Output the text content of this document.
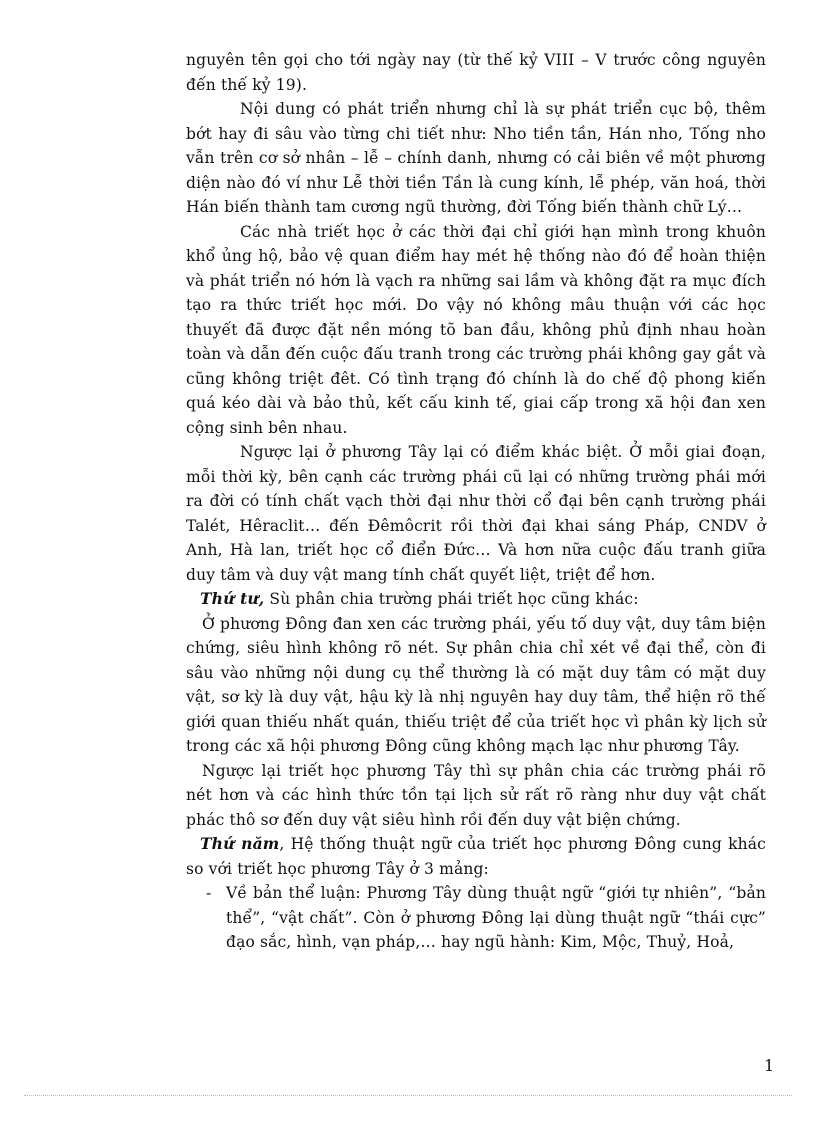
nguyên tên gọi cho tới ngày nay (từ thế kỷ VIII – V trước công nguyên đến thế kỷ 19).

Nội dung có phát triển nhưng chỉ là sự phát triển cục bộ, thêm bớt hay đi sâu vào từng chi tiết như: Nho tiền tần, Hán nho, Tống nho vẫn trên cơ sở nhân – lễ – chính danh, nhưng có cải biên về một phương diện nào đó ví như Lễ thời tiền Tần là cung kính, lễ phép, văn hoá, thời Hán biến thành tam cương ngũ thường, đời Tống biến thành chữ Lý…

Các nhà triết học ở các thời đại chỉ giới hạn mình trong khuôn khổ ủng hộ, bảo vệ quan điểm hay mét hệ thống nào đó để hoàn thiện và phát triển nó hớn là vạch ra những sai lầm và không đặt ra mục đích tạo ra thức triết học mới. Do vậy nó không mâu thuận với các học thuyết đã được đặt nền móng tõ ban đầu, không phủ định nhau hoàn toàn và dẫn đến cuộc đấu tranh trong các trường phái không gay gắt và cũng không triệt đêt. Có tình trạng đó chính là do chế độ phong kiến quá kéo dài và bảo thủ, kết cấu kinh tế, giai cấp trong xã hội đan xen cộng sinh bên nhau.

Ngược lại ở phương Tây lại có điểm khác biệt. Ở mỗi giai đoạn, mỗi thời kỳ, bên cạnh các trường phái cũ lại có những trường phái mới ra đời có tính chất vạch thời đại như thời cổ đại bên cạnh trường phái Talét, Hêraclit… đến Đêmôcrit rồi thời đại khai sáng Pháp, CNDV ở Anh, Hà lan, triết học cổ điển Đức… Và hơn nữa cuộc đấu tranh giữa duy tâm và duy vật mang tính chất quyết liệt, triệt để hơn.

Thứ tư, Sù phân chia trường phái triết học cũng khác:

Ở phương Đông đan xen các trường phái, yếu tố duy vật, duy tâm biện chứng, siêu hình không rõ nét. Sự phân chia chỉ xét về đại thể, còn đi sâu vào những nội dung cụ thể thường là có mặt duy tâm có mặt duy vật, sơ kỳ là duy vật, hậu kỳ là nhị nguyên hay duy tâm, thể hiện rõ thế giới quan thiếu nhất quán, thiếu triệt để của triết học vì phân kỳ lịch sử trong các xã hội phương Đông cũng không mạch lạc như phương Tây.

Ngược lại triết học phương Tây thì sự phân chia các trường phái rõ nét hơn và các hình thức tồn tại lịch sử rất rõ ràng như duy vật chất phác thô sơ đến duy vật siêu hình rồi đến duy vật biện chứng.

Thứ năm, Hệ thống thuật ngữ của triết học phương Đông cung khác so với triết học phương Tây ở 3 mảng:

- Về bản thể luận: Phương Tây dùng thuật ngữ “giới tự nhiên”, “bản thể”, “vật chất”. Còn ở phương Đông lại dùng thuật ngữ “thái cực” đạo sắc, hình, vạn pháp,… hay ngũ hành: Kim, Mộc, Thuỷ, Hoả,
1
